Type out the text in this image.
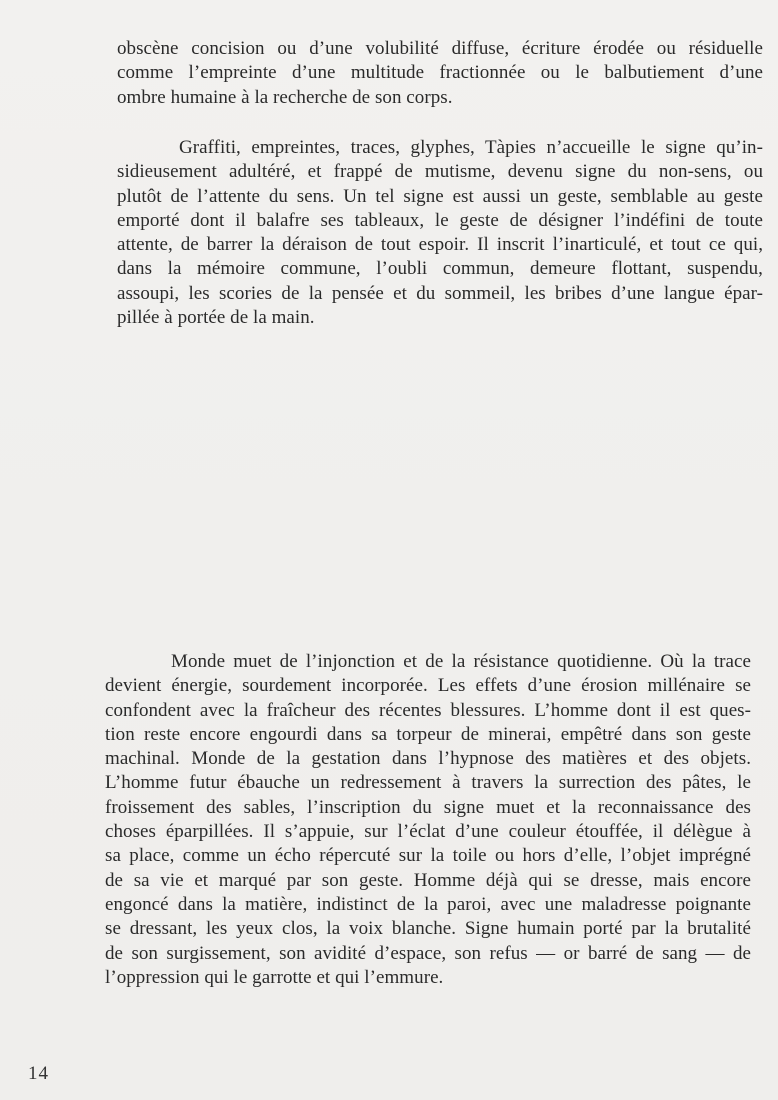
obscène concision ou d’une volubilité diffuse, écriture érodée ou résiduelle
comme l’empreinte d’une multitude fractionnée ou le balbutiement d’une
ombre humaine à la recherche de son corps.
Graffiti, empreintes, traces, glyphes, Tàpies n’accueille le signe qu’in-
sidieusement adultéré, et frappé de mutisme, devenu signe du non-sens, ou
plutôt de l’attente du sens. Un tel signe est aussi un geste, semblable au geste
emporté dont il balafre ses tableaux, le geste de désigner l’indéfini de toute
attente, de barrer la déraison de tout espoir. Il inscrit l’inarticulé, et tout ce qui,
dans la mémoire commune, l’oubli commun, demeure flottant, suspendu,
assoupi, les scories de la pensée et du sommeil, les bribes d’une langue épar-
pillée à portée de la main.
Monde muet de l’injonction et de la résistance quotidienne. Où la trace
devient énergie, sourdement incorporée. Les effets d’une érosion millénaire se
confondent avec la fraîcheur des récentes blessures. L’homme dont il est ques-
tion reste encore engourdi dans sa torpeur de minerai, empêtré dans son geste
machinal. Monde de la gestation dans l’hypnose des matières et des objets.
L’homme futur ébauche un redressement à travers la surrection des pâtes, le
froissement des sables, l’inscription du signe muet et la reconnaissance des
choses éparpillées. Il s’appuie, sur l’éclat d’une couleur étouffée, il délègue à
sa place, comme un écho répercuté sur la toile ou hors d’elle, l’objet imprégné
de sa vie et marqué par son geste. Homme déjà qui se dresse, mais encore
engoncé dans la matière, indistinct de la paroi, avec une maladresse poignante
se dressant, les yeux clos, la voix blanche. Signe humain porté par la brutalité
de son surgissement, son avidité d’espace, son refus — or barré de sang — de
l’oppression qui le garrotte et qui l’emmure.
14
